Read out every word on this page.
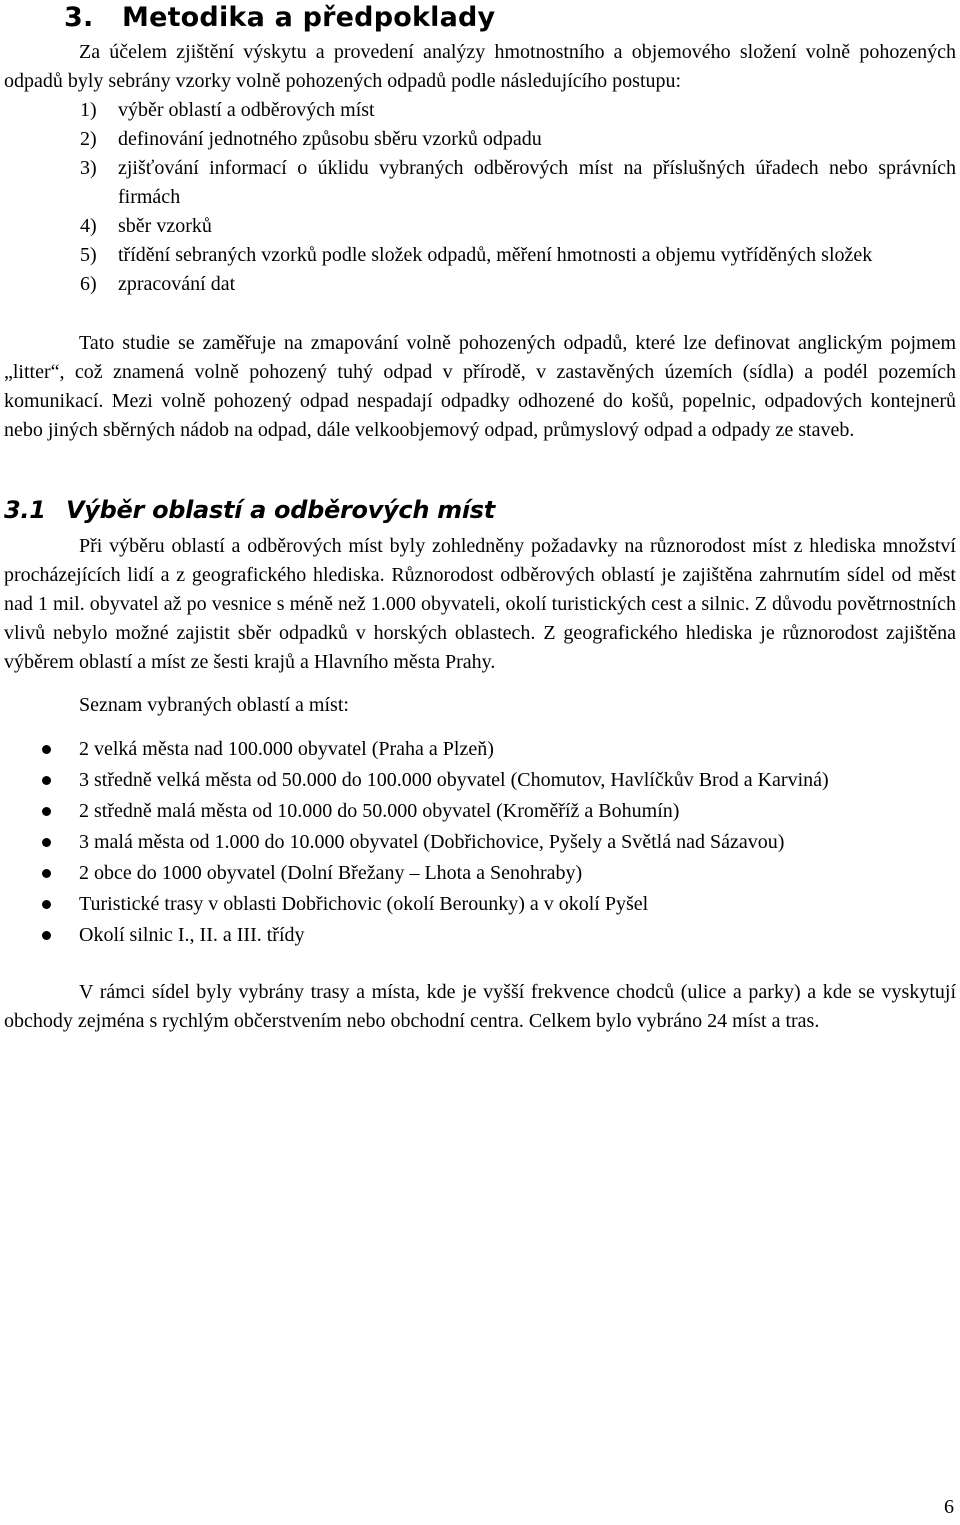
3. Metodika a předpoklady

Za účelem zjištění výskytu a provedení analýzy hmotnostního a objemového složení volně pohozených odpadů byly sebrány vzorky volně pohozených odpadů podle následujícího postupu:

1) výběr oblastí a odběrových míst
2) definování jednotného způsobu sběru vzorků odpadu
3) zjišťování informací o úklidu vybraných odběrových míst na příslušných úřadech nebo správních firmách
4) sběr vzorků
5) třídění sebraných vzorků podle složek odpadů, měření hmotnosti a objemu vytříděných složek
6) zpracování dat

Tato studie se zaměřuje na zmapování volně pohozených odpadů, které lze definovat anglickým pojmem „litter“, což znamená volně pohozený tuhý odpad v přírodě, v zastavěných územích (sídla) a podél pozemích komunikací. Mezi volně pohozený odpad nespadají odpadky odhozené do košů, popelnic, odpadových kontejnerů nebo jiných sběrných nádob na odpad, dále velkoobjemový odpad, průmyslový odpad a odpady ze staveb.

3.1 Výběr oblastí a odběrových míst

Při výběru oblastí a odběrových míst byly zohledněny požadavky na různorodost míst z hlediska množství procházejících lidí a z geografického hlediska. Různorodost odběrových oblastí je zajištěna zahrnutím sídel od měst nad 1 mil. obyvatel až po vesnice s méně než 1.000 obyvateli, okolí turistických cest a silnic. Z důvodu povětrnostních vlivů nebylo možné zajistit sběr odpadků v horských oblastech. Z geografického hlediska je různorodost zajištěna výběrem oblastí a míst ze šesti krajů a Hlavního města Prahy.

Seznam vybraných oblastí a míst:

2 velká města nad 100.000 obyvatel (Praha a Plzeň)
3 středně velká města od 50.000 do 100.000 obyvatel (Chomutov, Havlíčkův Brod a Karviná)
2 středně malá města od 10.000 do 50.000 obyvatel (Kroměříž a Bohumín)
3 malá města od 1.000 do 10.000 obyvatel (Dobřichovice, Pyšely a Světlá nad Sázavou)
2 obce do 1000 obyvatel (Dolní Břežany – Lhota a Senohraby)
Turistické trasy v oblasti Dobřichovic (okolí Berounky) a v okolí Pyšel
Okolí silnic I., II. a III. třídy

V rámci sídel byly vybrány trasy a místa, kde je vyšší frekvence chodců (ulice a parky) a kde se vyskytují obchody zejména s rychlým občerstvením nebo obchodní centra. Celkem bylo vybráno 24 míst a tras.

6
